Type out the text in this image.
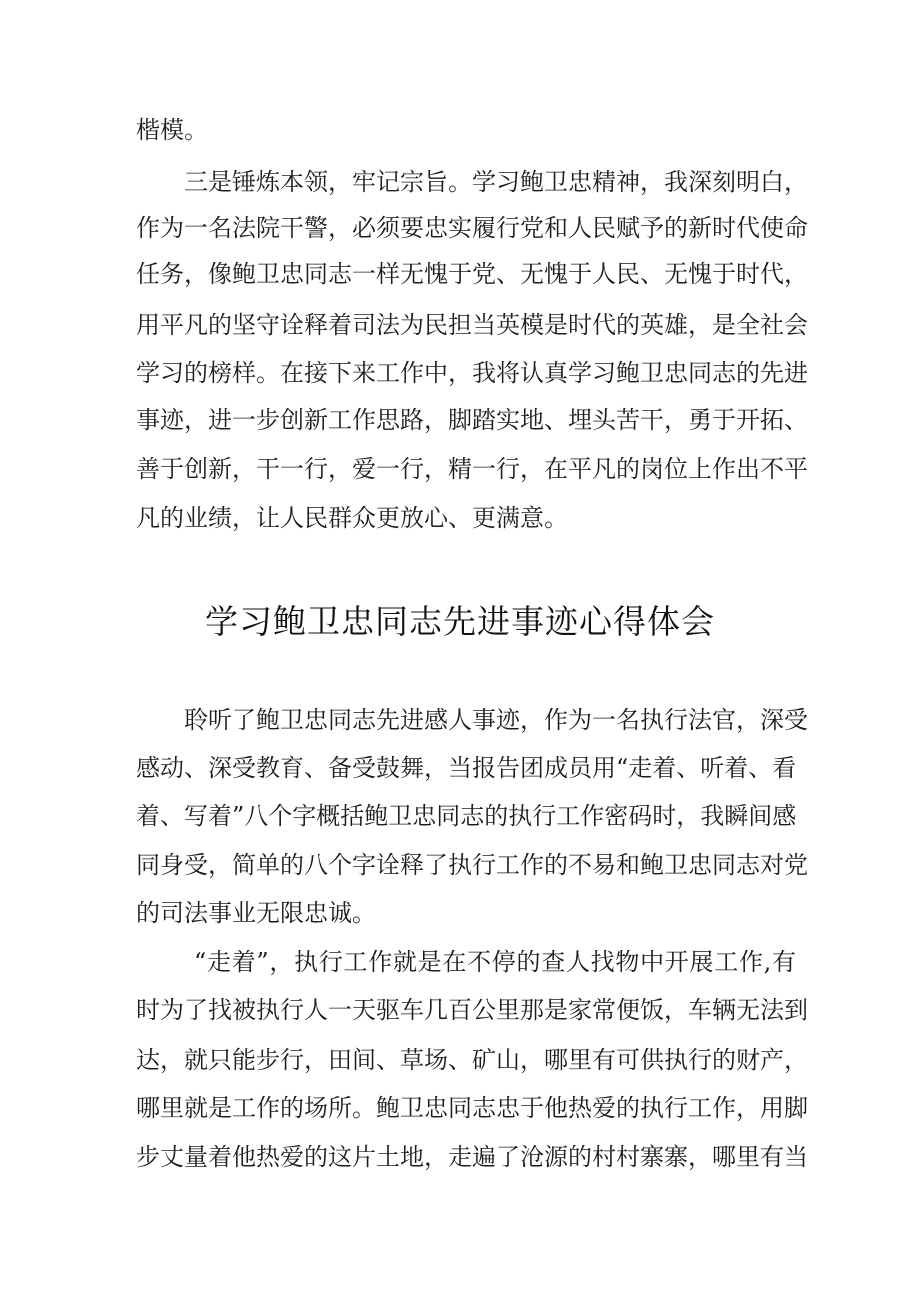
楷模。

三是锤炼本领，牢记宗旨。学习鲍卫忠精神，我深刻明白，

作为一名法院干警，必须要忠实履行党和人民赋予的新时代使命

任务，像鲍卫忠同志一样无愧于党、无愧于人民、无愧于时代，

用平凡的坚守诠释着司法为民担当英模是时代的英雄，是全社会

学习的榜样。在接下来工作中，我将认真学习鲍卫忠同志的先进

事迹，进一步创新工作思路，脚踏实地、埋头苦干，勇于开拓、

善于创新，干一行，爱一行，精一行，在平凡的岗位上作出不平

凡的业绩，让人民群众更放心、更满意。

学习鲍卫忠同志先进事迹心得体会

聆听了鲍卫忠同志先进感人事迹，作为一名执行法官，深受

感动、深受教育、备受鼓舞，当报告团成员用“走着、听着、看

着、写着”八个字概括鲍卫忠同志的执行工作密码时，我瞬间感

同身受，简单的八个字诠释了执行工作的不易和鲍卫忠同志对党

的司法事业无限忠诚。

“走着”，执行工作就是在不停的查人找物中开展工作,有

时为了找被执行人一天驱车几百公里那是家常便饭，车辆无法到

达，就只能步行，田间、草场、矿山，哪里有可供执行的财产，

哪里就是工作的场所。鲍卫忠同志忠于他热爱的执行工作，用脚

步丈量着他热爱的这片土地，走遍了沧源的村村寨寨，哪里有当
